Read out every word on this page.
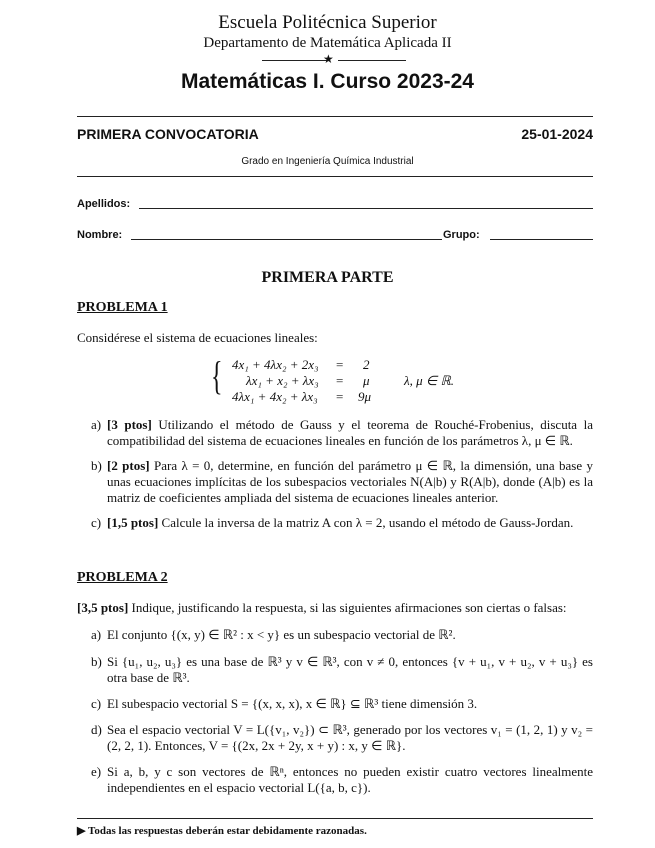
Escuela Politécnica Superior
Departamento de Matemática Aplicada II
★
Matemáticas I. Curso 2023-24
PRIMERA CONVOCATORIA	25-01-2024
Grado en Ingeniería Química Industrial
Apellidos:
Nombre:	Grupo:
PRIMERA PARTE
PROBLEMA 1
Considérese el sistema de ecuaciones lineales:
{ 4x₁ + 4λx₂ + 2x₃ = 2
λx₁ + x₂ + λx₃ = μ
4λx₁ + 4x₂ + λx₃ = 9μ
λ, μ ∈ ℝ.
a) [3 ptos] Utilizando el método de Gauss y el teorema de Rouché-Frobenius, discuta la compatibilidad del sistema de ecuaciones lineales en función de los parámetros λ, μ ∈ ℝ.
b) [2 ptos] Para λ = 0, determine, en función del parámetro μ ∈ ℝ, la dimensión, una base y unas ecuaciones implícitas de los subespacios vectoriales N(A|b) y R(A|b), donde (A|b) es la matriz de coeficientes ampliada del sistema de ecuaciones lineales anterior.
c) [1,5 ptos] Calcule la inversa de la matriz A con λ = 2, usando el método de Gauss-Jordan.
PROBLEMA 2
[3,5 ptos] Indique, justificando la respuesta, si las siguientes afirmaciones son ciertas o falsas:
a) El conjunto {(x, y) ∈ ℝ² : x < y} es un subespacio vectorial de ℝ².
b) Si {u₁, u₂, u₃} es una base de ℝ³ y v ∈ ℝ³, con v ≠ 0, entonces {v + u₁, v + u₂, v + u₃} es otra base de ℝ³.
c) El subespacio vectorial S = {(x, x, x), x ∈ ℝ} ⊆ ℝ³ tiene dimensión 3.
d) Sea el espacio vectorial V = L({v₁, v₂}) ⊂ ℝ³, generado por los vectores v₁ = (1, 2, 1) y v₂ = (2, 2, 1). Entonces, V = {(2x, 2x + 2y, x + y) : x, y ∈ ℝ}.
e) Si a, b, y c son vectores de ℝⁿ, entonces no pueden existir cuatro vectores linealmente independientes en el espacio vectorial L({a, b, c}).
▶ Todas las respuestas deberán estar debidamente razonadas.
